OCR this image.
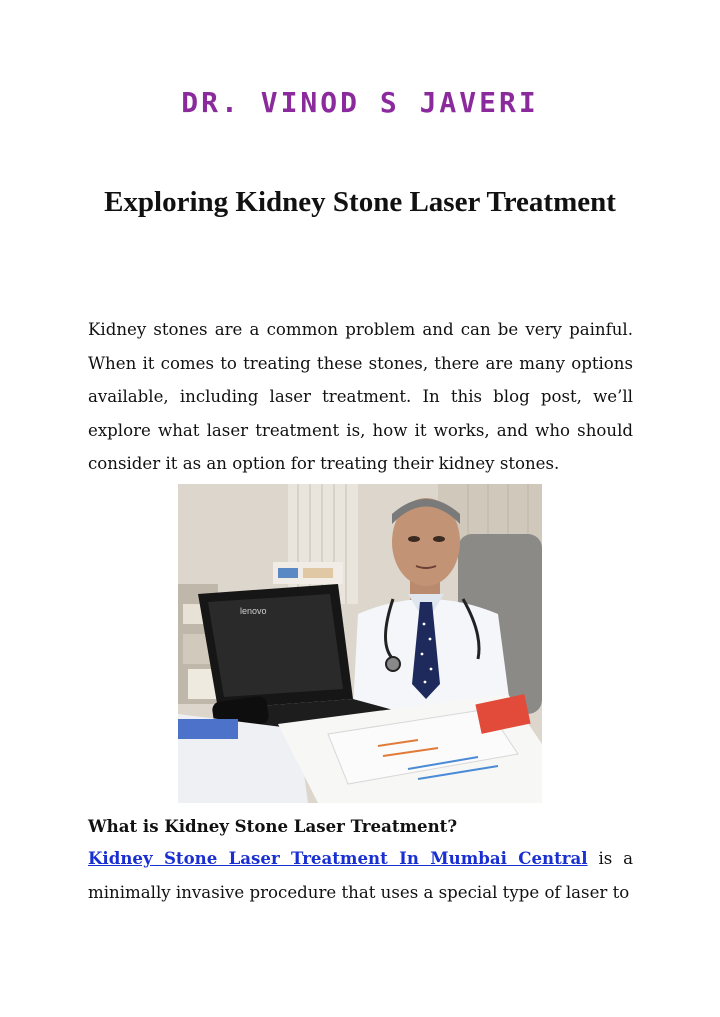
DR. VINOD S JAVERI
Exploring Kidney Stone Laser Treatment

Kidney stones are a common problem and can be very painful. When it comes to treating these stones, there are many options available, including laser treatment. In this blog post, we’ll explore what laser treatment is, how it works, and who should consider it as an option for treating their kidney stones.

lenovo
What is Kidney Stone Laser Treatment?

Kidney Stone Laser Treatment In Mumbai Central is a minimally invasive procedure that uses a special type of laser to
